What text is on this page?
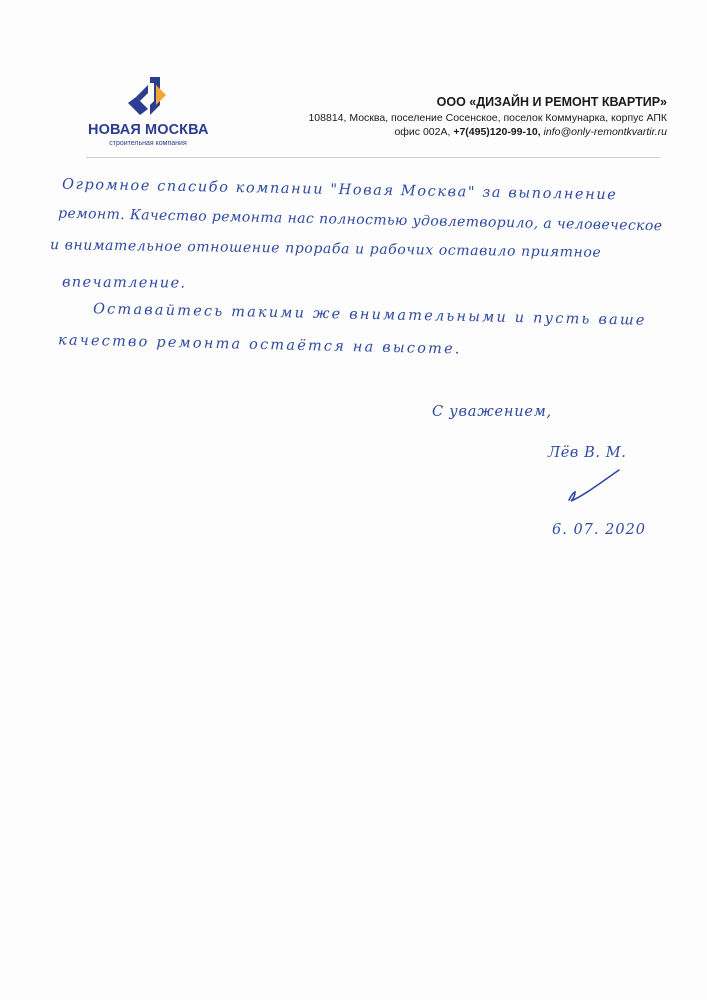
НОВАЯ МОСКВА
строительная компания
ООО «ДИЗАЙН И РЕМОНТ КВАРТИР»
108814, Москва, поселение Сосенское, поселок Коммунарка, корпус АПК
офис 002А, +7(495)120-99-10, info@only-remontkvartir.ru
Огромное спасибо компании "Новая Москва" за выполнение
ремонт. Качество ремонта нас полностью удовлетворило, а человеческое
и внимательное отношение прораба и рабочих оставило приятное
впечатление.
Оставайтесь такими же внимательными и пусть ваше
качество ремонта остаётся на высоте.
С уважением,
Лёв В. М.
6. 07. 2020
